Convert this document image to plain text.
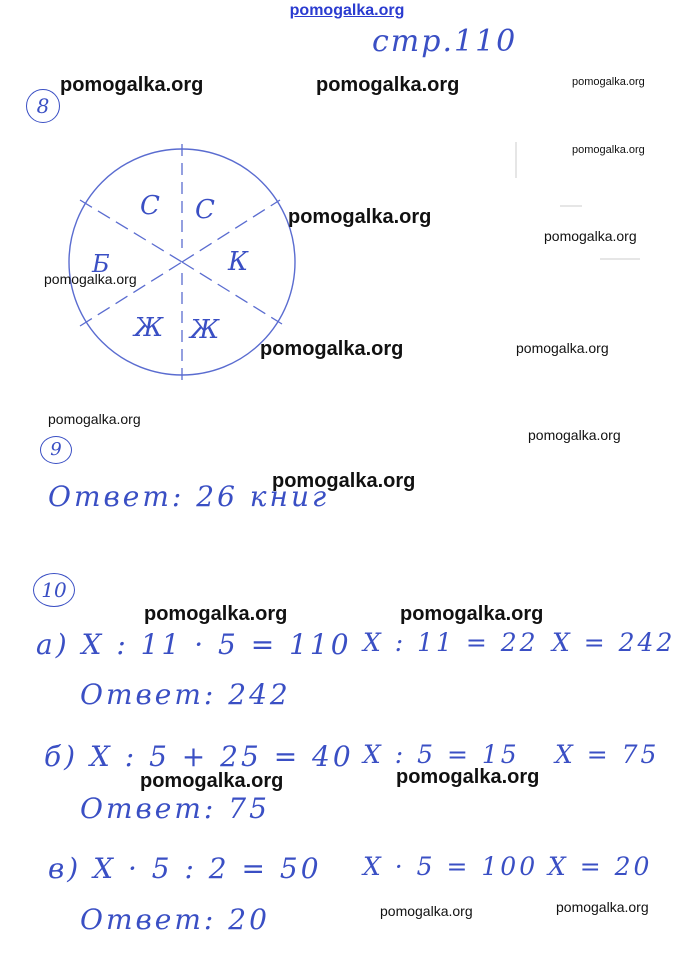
pomogalka.org
стр.110
8
С С
К
Б
Ж Ж
9
Ответ: 26 книг
10
а) Х : 11 · 5 = 110 Х : 11 = 22 Х = 242
Ответ: 242
б) Х : 5 + 25 = 40 Х : 5 = 15 Х = 75
Ответ: 75
в) Х · 5 : 2 = 50 Х · 5 = 100 Х = 20
Ответ: 20
pomogalka.org	pomogalka.org	pomogalka.org
pomogalka.org
pomogalka.org
pomogalka.org
pomogalka.org
pomogalka.org	pomogalka.org
pomogalka.org
pomogalka.org
pomogalka.org
pomogalka.org	pomogalka.org
pomogalka.org	pomogalka.org
pomogalka.org	pomogalka.org
